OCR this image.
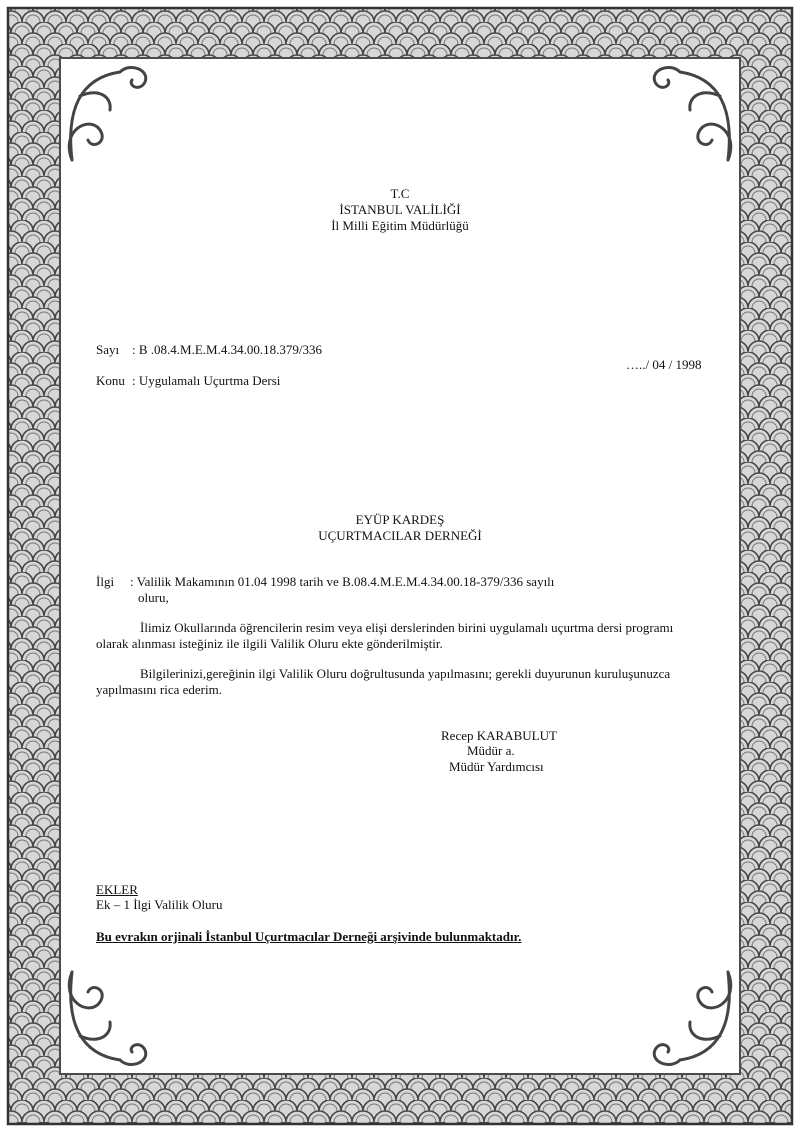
T.C
İSTANBUL VALİLİĞİ
İl Milli Eğitim Müdürlüğü
Sayı : B .08.4.M.E.M.4.34.00.18.379/336
…../ 04 / 1998
Konu : Uygulamalı Uçurtma Dersi
EYÜP KARDEŞ
UÇURTMACILAR DERNEĞİ
İlgi : Valilik Makamının 01.04 1998 tarih ve B.08.4.M.E.M.4.34.00.18-379/336 sayılı
oluru,
İlimiz Okullarında öğrencilerin resim veya elişi derslerinden birini uygulamalı uçurtma dersi programı
olarak alınması isteğiniz ile ilgili Valilik Oluru ekte gönderilmiştir.
Bilgilerinizi,gereğinin ilgi Valilik Oluru doğrultusunda yapılmasını; gerekli duyurunun kuruluşunuzca
yapılmasını rica ederim.
Recep KARABULUT
Müdür a.
Müdür Yardımcısı
EKLER
Ek – 1 İlgi Valilik Oluru
Bu evrakın orjinali İstanbul Uçurtmacılar Derneği arşivinde bulunmaktadır.
